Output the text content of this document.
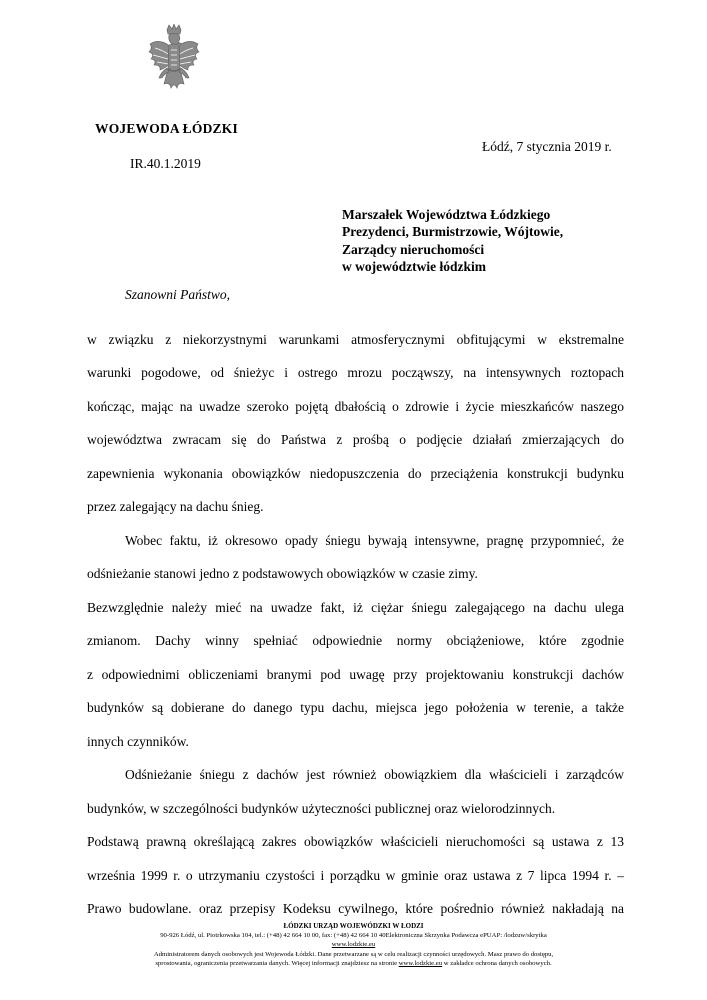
WOJEWODA ŁÓDZKI
Łódź, 7 stycznia 2019 r.
IR.40.1.2019
Marszałek Województwa Łódzkiego
Prezydenci, Burmistrzowie, Wójtowie,
Zarządcy nieruchomości
w województwie łódzkim
Szanowni Państwo,
w związku z niekorzystnymi warunkami atmosferycznymi obfitującymi w ekstremalne
warunki pogodowe, od śnieżyc i ostrego mrozu począwszy, na intensywnych roztopach
kończąc, mając na uwadze szeroko pojętą dbałością o zdrowie i życie mieszkańców naszego
województwa zwracam się do Państwa z prośbą o podjęcie działań zmierzających do
zapewnienia wykonania obowiązków niedopuszczenia do przeciążenia konstrukcji budynku
przez zalegający na dachu śnieg.
Wobec faktu, iż okresowo opady śniegu bywają intensywne, pragnę przypomnieć, że
odśnieżanie stanowi jedno z podstawowych obowiązków w czasie zimy.
Bezwzględnie należy mieć na uwadze fakt, iż ciężar śniegu zalegającego na dachu ulega
zmianom. Dachy winny spełniać odpowiednie normy obciążeniowe, które zgodnie
z odpowiednimi obliczeniami branymi pod uwagę przy projektowaniu konstrukcji dachów
budynków są dobierane do danego typu dachu, miejsca jego położenia w terenie, a także
innych czynników.
Odśnieżanie śniegu z dachów jest również obowiązkiem dla właścicieli i zarządców
budynków, w szczególności budynków użyteczności publicznej oraz wielorodzinnych.
Podstawą prawną określającą zakres obowiązków właścicieli nieruchomości są ustawa z 13
września 1999 r. o utrzymaniu czystości i porządku w gminie oraz ustawa z 7 lipca 1994 r. –
Prawo budowlane. oraz przepisy Kodeksu cywilnego, które pośrednio również nakładają na
ŁÓDZKI URZĄD WOJEWÓDZKI W ŁODZI
90-926 Łódź, ul. Piotrkowska 104, tel.: (+48) 42 664 10 00, fax: (+48) 42 664 10 40Elektroniczna Skrzynka Podawcza ePUAP: /lodzuw/skrytka
www.lodzkie.eu
Administratorem danych osobowych jest Wojewoda Łódzki. Dane przetwarzane są w celu realizacji czynności urzędowych. Masz prawo do dostępu,
sprostowania, ograniczenia przetwarzania danych. Więcej informacji znajdziesz na stronie www.lodzkie.eu w zakładce ochrona danych osobowych.
